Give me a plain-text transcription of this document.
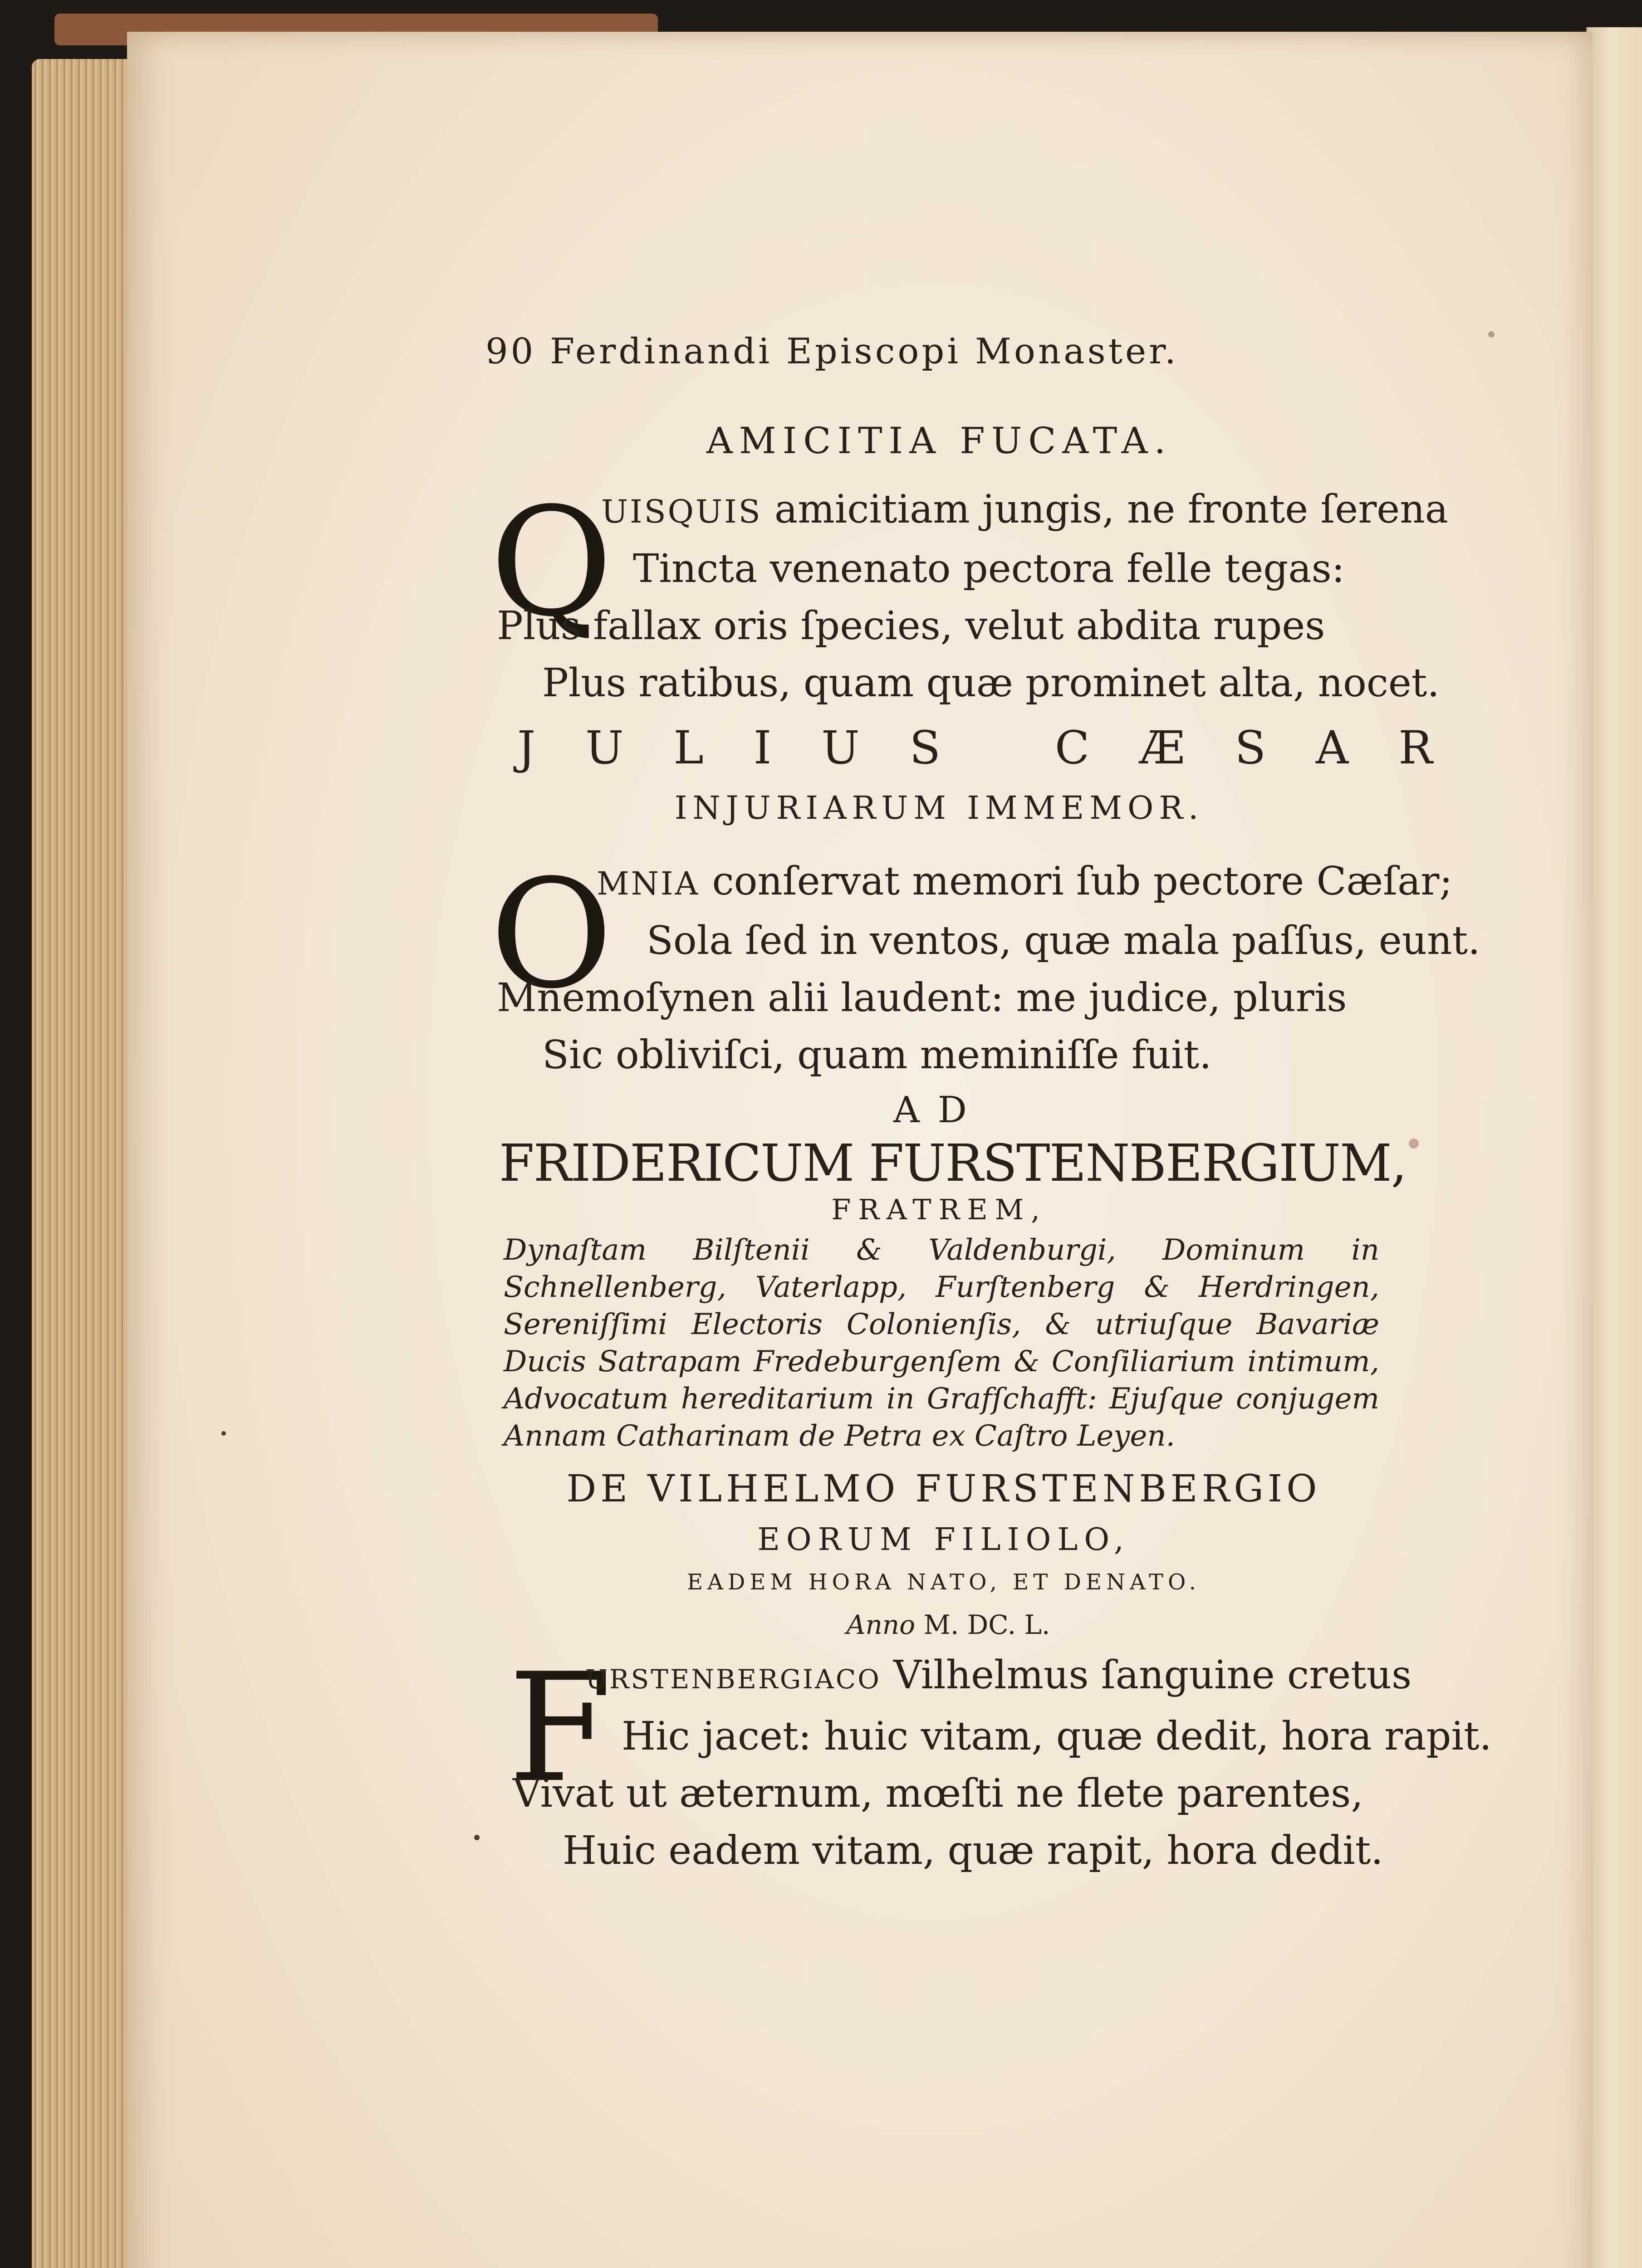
90 Ferdinandi Episcopi Monaster.
AMICITIA FUCATA.
Q
UISQUIS amicitiam jungis, ne fronte ſerena
Tincta venenato pectora felle tegas:
Plus fallax oris ſpecies, velut abdita rupes
Plus ratibus, quam quæ prominet alta, nocet.
JULIUS CÆSAR
INJURIARUM IMMEMOR.
O
MNIA conſervat memori ſub pectore Cæſar;
Sola ſed in ventos, quæ mala paſſus, eunt.
Mnemoſynen alii laudent: me judice, pluris
Sic obliviſci, quam meminiſſe fuit.
AD
FRIDERICUM FURSTENBERGIUM,
FRATREM,
Dynaſtam Bilſtenii & Valdenburgi, Dominum in Schnellenberg, Vaterlapp, Furſtenberg & Herdringen, Sereniſſimi Electoris Colonienſis, & utriuſque Bavariæ Ducis Satrapam Fredeburgenſem & Conſiliarium intimum, Advocatum hereditarium in Grafſchafft: Ejuſque conjugem Annam Catharinam de Petra ex Caſtro Leyen.
DE VILHELMO FURSTENBERGIO
EORUM FILIOLO,
EADEM HORA NATO, ET DENATO.
Anno M. DC. L.
F
URSTENBERGIACO Vilhelmus ſanguine cretus
Hic jacet: huic vitam, quæ dedit, hora rapit.
Vivat ut æternum, mœſti ne flete parentes,
Huic eadem vitam, quæ rapit, hora dedit.
